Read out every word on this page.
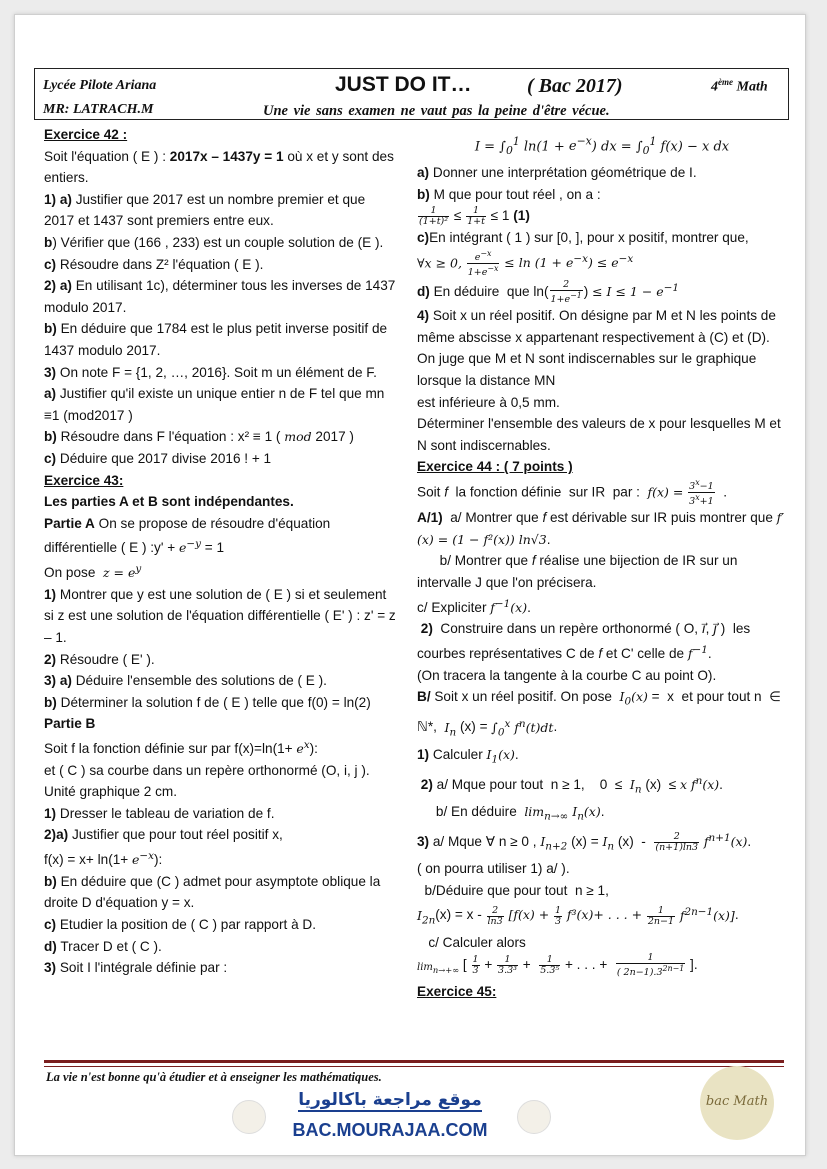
Lycée Pilote Ariana
MR: LATRACH.M
JUST DO IT…	( Bac 2017)	4ème Math
Une vie sans examen ne vaut pas la peine d'être vécue.

Exercice 42 :

Soit l'équation ( E ) : 2017x – 1437y = 1 où x et y sont des entiers.

1) a) Justifier que 2017 est un nombre premier et que 2017 et 1437 sont premiers entre eux.

b) Vérifier que (166 , 233) est un couple solution de (E ).

c) Résoudre dans Z² l'équation ( E ).

2) a) En utilisant 1c), déterminer tous les inverses de 1437 modulo 2017.

b) En déduire que 1784 est le plus petit inverse positif de 1437 modulo 2017.

3) On note F = {1, 2, …, 2016}. Soit m un élément de F.

a) Justifier qu'il existe un unique entier n de F tel que mn ≡1 (mod2017 )

b) Résoudre dans F l'équation : x² ≡ 1 ( mod 2017 )

c) Déduire que 2017 divise 2016 ! + 1

Exercice 43:

Les parties A et B sont indépendantes.

Partie A On se propose de résoudre d'équation différentielle ( E ) :y' + $e^{-y} = 1$

On pose  $z = e^y$

1) Montrer que y est une solution de ( E ) si et seulement si z est une solution de l'équation différentielle ( E' ) : z' = z – 1.

2) Résoudre ( E' ).

3) a) Déduire l'ensemble des solutions de ( E ).

b) Déterminer la solution f de ( E ) telle que f(0) = ln(2)

Partie B

Soit f la fonction définie sur par $f(x)=\ln(1+ e^x)$:

et ( C ) sa courbe dans un repère orthonormé (O, i, j ). Unité graphique 2 cm.

1) Dresser le tableau de variation de f.

2)a) Justifier que pour tout réel positif x,

$f(x) = x+ \ln(1+ e^{-x})$:

b) En déduire que (C ) admet pour asymptote oblique la droite D d'équation y = x.

c) Etudier la position de ( C ) par rapport à D.

d) Tracer D et ( C ).

3) Soit I l'intégrale définie par :

$I = \int_0^1$ $\ln(1 + e^{-x})$ dx = $\int_0^1$ f(x) − x dx

a) Donner une interprétation géométrique de I.

b) M que pour tout réel , on a :

$\frac{1}{\text{(1+t)²}} \le \frac{1}{1+t} \le 1$ (1)

c)En intégrant ( 1 ) sur [0, ], pour x positif, montrer que,

∀x ≥ 0, $\frac{e^{-x}}{1+e^{-x}} \le \ln (1 + e^{-x}) \le e^{-x}$

d) En déduire  que $\ln( \frac{2}{1+e^{-1}}$ ) ≤ $I \le 1 - e^{-1}$

4) Soit x un réel positif. On désigne par M et N les points de même abscisse x appartenant respectivement à (C) et (D).

On juge que M et N sont indiscernables sur le graphique lorsque la distance MN

est inférieure à 0,5 mm.

Déterminer l'ensemble des valeurs de x pour lesquelles M et N sont indiscernables.

Exercice 44 : ( 7 points )

Soit f  la fonction définie  sur IR  par :  $f(x) = \frac{3^x-1}{3^x+1}$ .

A/1)  a/ Montrer que f est dérivable sur IR puis montrer que f′(x) = (1 − f²(x)) ln√3.

b/ Montrer que f réalise une bijection de IR sur un intervalle J que l'on précisera.

c/ Expliciter $f^{-1}(x)$.

2)  Construire dans un repère orthonormé ( O, i⃗, j⃗ )  les courbes représentatives C de f et C' celle de $f^{-1}$.

(On tracera la tangente à la courbe C au point O).

B/ Soit x un réel positif. On pose  $I_0(x) = x$  et pour tout n  ∈ ℕ*,  $I_n$ $(x) = \int_0^x$ $f^n(t)dt$.

1) Calculer $I_1(x)$.

2) a/ Mque pour tout  n ≥ 1,    $0 \le I_n$ (x)  ≤ x $f^n(x)$.

b/ En déduire  $\lim_{n\to\infty} I_n(x)$.

3) a/ Mque ∀ n ≥ 0 , $I_{n+2}$ $(x) = I_n$ $(x) - \frac{2}{(n+1)\ln 3} f^{n+1}(x)$.

( on pourra utiliser 1) a/ ).

b/Déduire que pour tout  n ≥ 1,

$I_{2n}(x) = x - \frac{2}{\ln 3} [f(x) + \frac{1}{3} f^3(x)+$ . . . + $\frac{1}{2n-1} f^{2n-1}(x)$].

c/ Calculer alors

$\lim_{n\to+\infty}$ [ $\frac{1}{3} + \frac{1}{\text{3.3³}} + \frac{1}{\text{5.3⁵}}$ + . . . + $\frac{1}{( 2n-1).3^{2n-1}}$ ].

Exercice 45:

La vie n'est bonne qu'à étudier et à enseigner les mathématiques.
موقع مراجعة باكالوريا
BAC.MOURAJAA.COM
bac Math
